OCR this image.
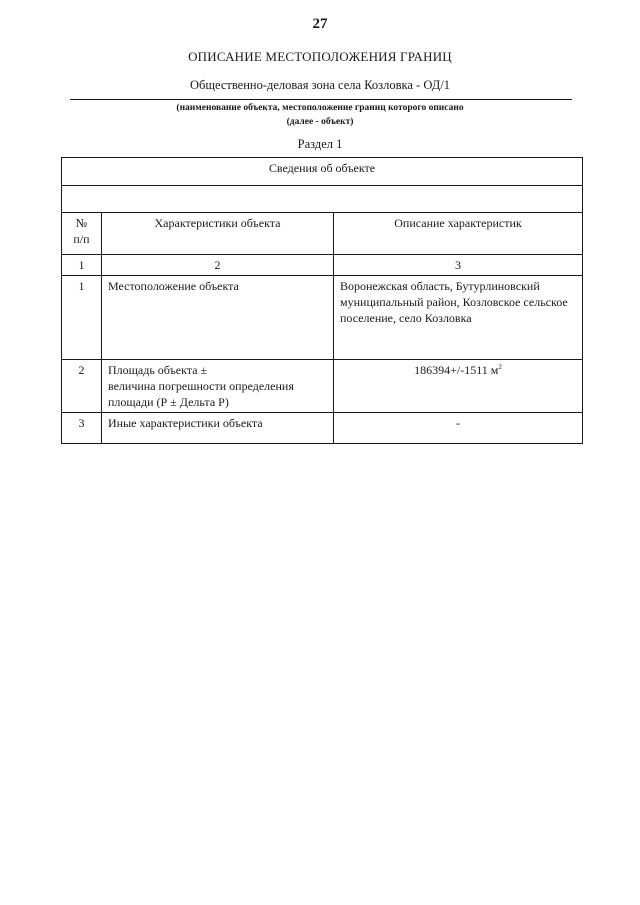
27
ОПИСАНИЕ МЕСТОПОЛОЖЕНИЯ ГРАНИЦ
Общественно-деловая зона села Козловка - ОД/1
(наименование объекта, местоположение границ которого описано
(далее - объект)
Раздел 1
Сведения об объекте		

№
п/п	Характеристики объекта	Описание характеристик
1	2	3
1	Местоположение объекта	Воронежская область, Бутурлиновский муниципальный район, Козловское сельское поселение, село Козловка
2	Площадь объекта ±
величина погрешности определения
площади (Р ± Дельта Р)	186394+/-1511 $м^2$
3	Иные характеристики объекта	-
